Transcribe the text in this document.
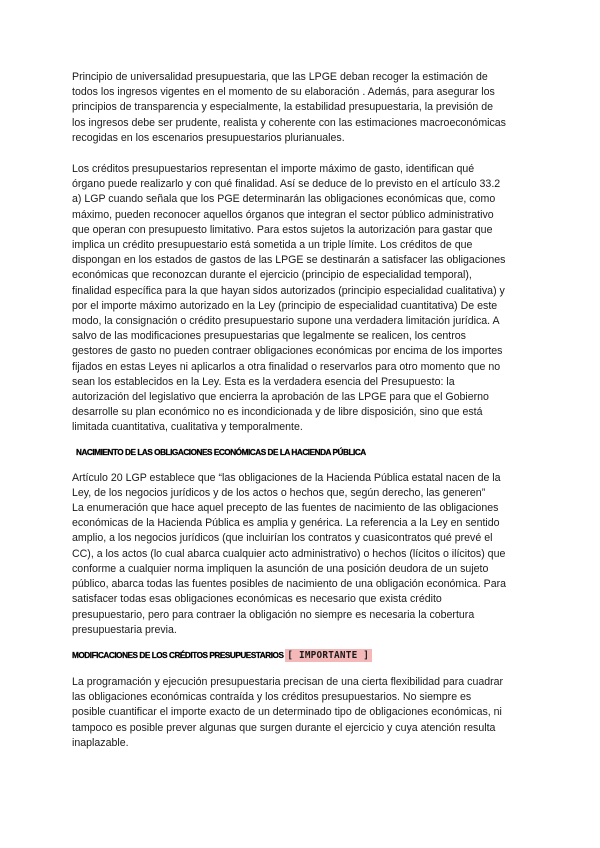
Principio de universalidad presupuestaria, que las LPGE deban recoger la estimación de
todos los ingresos vigentes en el momento de su elaboración . Además, para asegurar los
principios de transparencia y especialmente, la estabilidad presupuestaria, la previsión de
los ingresos debe ser prudente, realista y coherente con las estimaciones macroeconómicas
recogidas en los escenarios presupuestarios plurianuales.

Los créditos presupuestarios representan el importe máximo de gasto, identifican qué
órgano puede realizarlo y con qué finalidad. Así se deduce de lo previsto en el artículo 33.2
a) LGP cuando señala que los PGE determinarán las obligaciones económicas que, como
máximo, pueden reconocer aquellos órganos que integran el sector público administrativo
que operan con presupuesto limitativo. Para estos sujetos la autorización para gastar que
implica un crédito presupuestario está sometida a un triple límite. Los créditos de que
dispongan en los estados de gastos de las LPGE se destinarán a satisfacer las obligaciones
económicas que reconozcan durante el ejercicio (principio de especialidad temporal),
finalidad específica para la que hayan sidos autorizados (principio especialidad cualitativa) y
por el importe máximo autorizado en la Ley (principio de especialidad cuantitativa) De este
modo, la consignación o crédito presupuestario supone una verdadera limitación jurídica. A
salvo de las modificaciones presupuestarias que legalmente se realicen, los centros
gestores de gasto no pueden contraer obligaciones económicas por encima de los importes
fijados en estas Leyes ni aplicarlos a otra finalidad o reservarlos para otro momento que no
sean los establecidos en la Ley. Esta es la verdadera esencia del Presupuesto: la
autorización del legislativo que encierra la aprobación de las LPGE para que el Gobierno
desarrolle su plan económico no es incondicionada y de libre disposición, sino que está
limitada cuantitativa, cualitativa y temporalmente.

NACIMIENTO DE LAS OBLIGACIONES ECONÓMICAS DE LA HACIENDA PÚBLICA

Artículo 20 LGP establece que “las obligaciones de la Hacienda Pública estatal nacen de la
Ley, de los negocios jurídicos y de los actos o hechos que, según derecho, las generen”
La enumeración que hace aquel precepto de las fuentes de nacimiento de las obligaciones
económicas de la Hacienda Pública es amplia y genérica. La referencia a la Ley en sentido
amplio, a los negocios jurídicos (que incluirían los contratos y cuasicontratos qué prevé el
CC), a los actos (lo cual abarca cualquier acto administrativo) o hechos (lícitos o ilícitos) que
conforme a cualquier norma impliquen la asunción de una posición deudora de un sujeto
público, abarca todas las fuentes posibles de nacimiento de una obligación económica. Para
satisfacer todas esas obligaciones económicas es necesario que exista crédito
presupuestario, pero para contraer la obligación no siempre es necesaria la cobertura
presupuestaria previa.

MODIFICACIONES DE LOS CRÉDITOS PRESUPUESTARIOS [ IMPORTANTE ]

La programación y ejecución presupuestaria precisan de una cierta flexibilidad para cuadrar
las obligaciones económicas contraída y los créditos presupuestarios. No siempre es
posible cuantificar el importe exacto de un determinado tipo de obligaciones económicas, ni
tampoco es posible prever algunas que surgen durante el ejercicio y cuya atención resulta
inaplazable.
